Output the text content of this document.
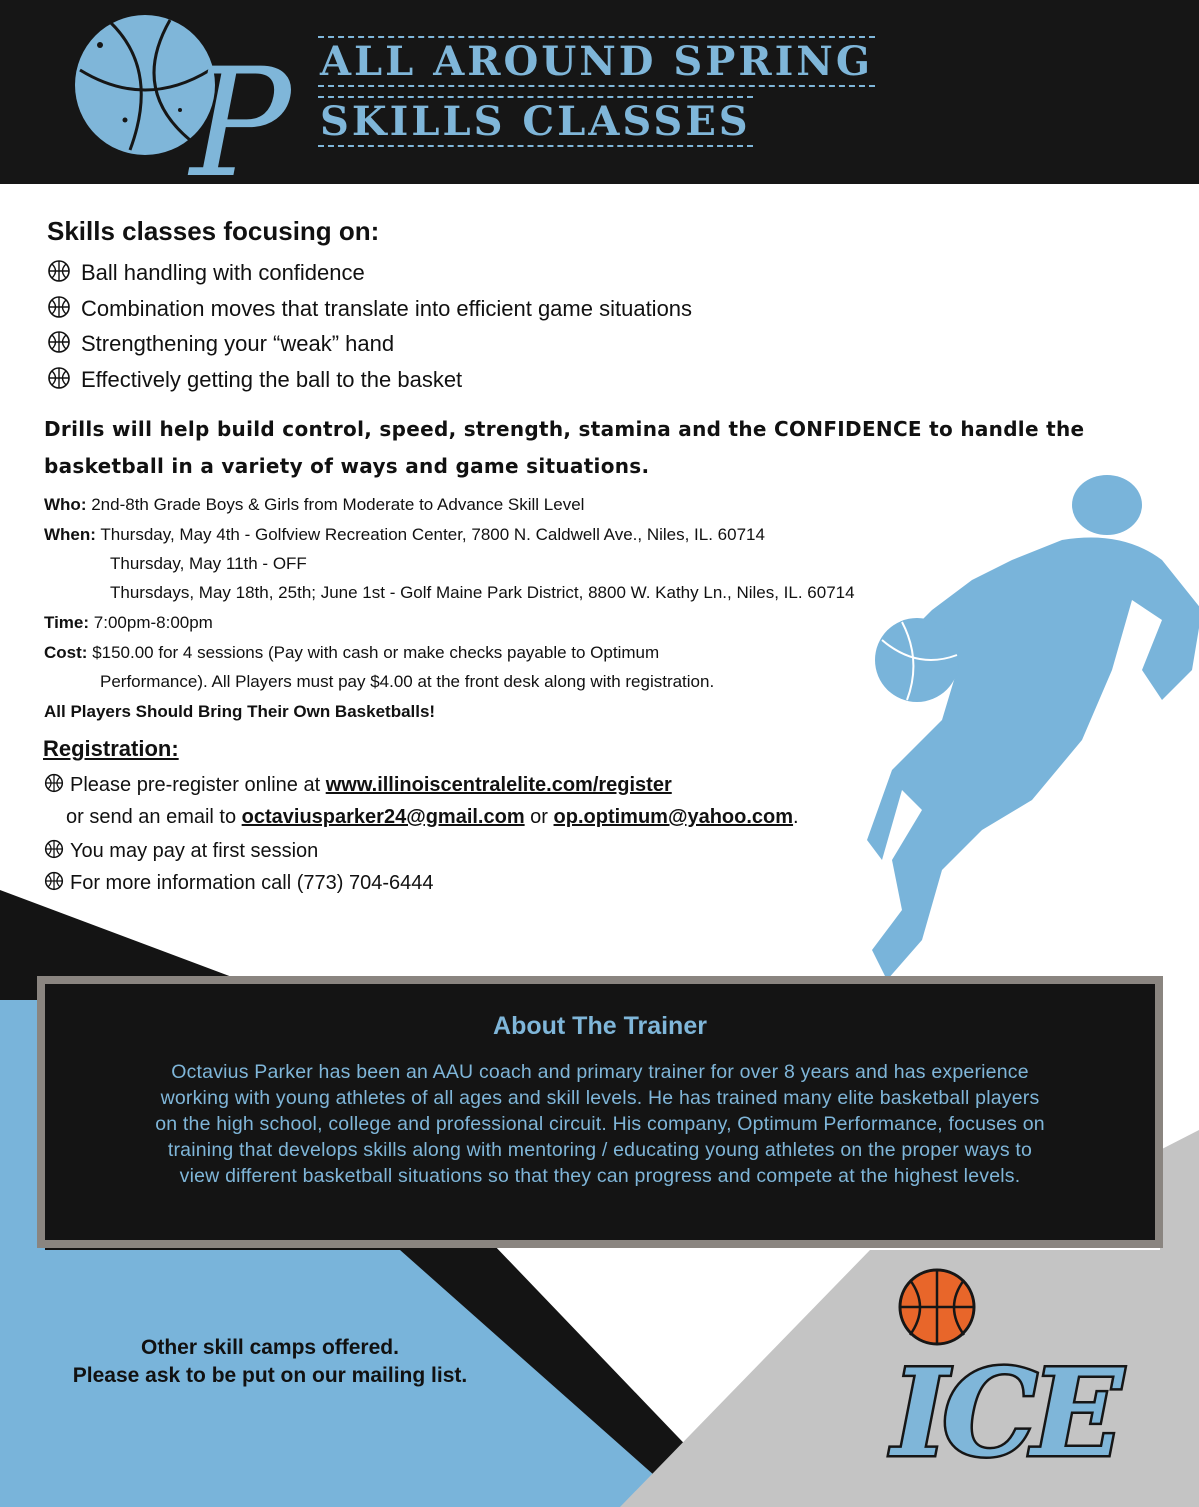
P ALL AROUND SPRING
SKILLS CLASSES
Skills classes focusing on:
Ball handling with confidence
Combination moves that translate into efficient game situations
Strengthening your “weak” hand
Effectively getting the ball to the basket
Drills will help build control, speed, strength, stamina and the CONFIDENCE to handle the basketball in a variety of ways and game situations.
Who: 2nd-8th Grade Boys & Girls from Moderate to Advance Skill Level
When: Thursday, May 4th - Golfview Recreation Center, 7800 N. Caldwell Ave., Niles, IL. 60714
Thursday, May 11th - OFF
Thursdays, May 18th, 25th; June 1st - Golf Maine Park District, 8800 W. Kathy Ln., Niles, IL. 60714
Time: 7:00pm-8:00pm
Cost: $150.00 for 4 sessions (Pay with cash or make checks payable to Optimum
Performance). All Players must pay $4.00 at the front desk along with registration.
All Players Should Bring Their Own Basketballs!
Registration:
Please pre-register online at www.illinoiscentralelite.com/register
or send an email to octaviusparker24@gmail.com or op.optimum@yahoo.com.
You may pay at first session
For more information call (773) 704-6444
About The Trainer
Octavius Parker has been an AAU coach and primary trainer for over 8 years and has experience working with young athletes of all ages and skill levels. He has trained many elite basketball players on the high school, college and professional circuit. His company, Optimum Performance, focuses on training that develops skills along with mentoring / educating young athletes on the proper ways to view different basketball situations so that they can progress and compete at the highest levels.
Other skill camps offered.
Please ask to be put on our mailing list.	ICE
